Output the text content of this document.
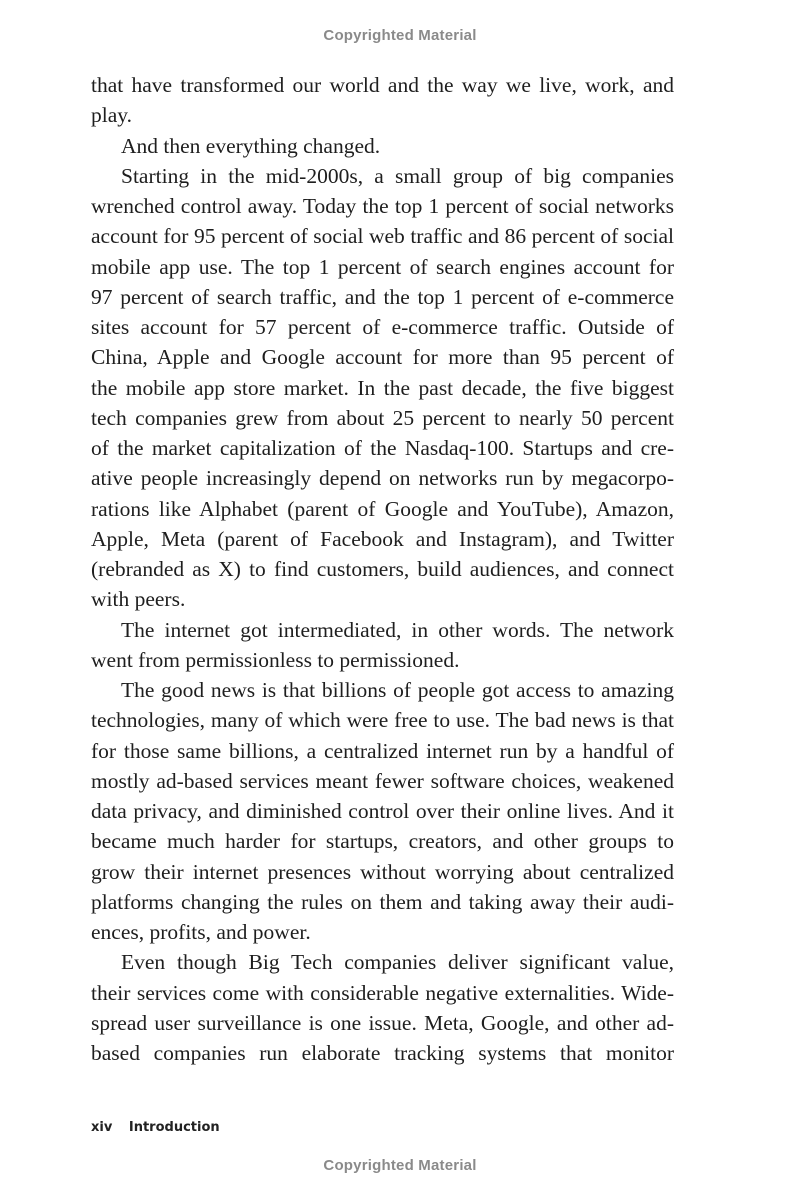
Copyrighted Material
that have transformed our world and the way we live, work, and
play.
And then everything changed.
Starting in the mid-2000s, a small group of big companies
wrenched control away. Today the top 1 percent of social networks
account for 95 percent of social web traffic and 86 percent of social
mobile app use. The top 1 percent of search engines account for
97 percent of search traffic, and the top 1 percent of e-commerce
sites account for 57 percent of e-commerce traffic. Outside of
China, Apple and Google account for more than 95 percent of
the mobile app store market. In the past decade, the five biggest
tech companies grew from about 25 percent to nearly 50 percent
of the market capitalization of the Nasdaq-100. Startups and cre-
ative people increasingly depend on networks run by megacorpo-
rations like Alphabet (parent of Google and YouTube), Amazon,
Apple, Meta (parent of Facebook and Instagram), and Twitter
(rebranded as X) to find customers, build audiences, and connect
with peers.
The internet got intermediated, in other words. The network
went from permissionless to permissioned.
The good news is that billions of people got access to amazing
technologies, many of which were free to use. The bad news is that
for those same billions, a centralized internet run by a handful of
mostly ad-based services meant fewer software choices, weakened
data privacy, and diminished control over their online lives. And it
became much harder for startups, creators, and other groups to
grow their internet presences without worrying about centralized
platforms changing the rules on them and taking away their audi-
ences, profits, and power.
Even though Big Tech companies deliver significant value,
their services come with considerable negative externalities. Wide-
spread user surveillance is one issue. Meta, Google, and other ad-
based companies run elaborate tracking systems that monitor
xiv Introduction
Copyrighted Material
